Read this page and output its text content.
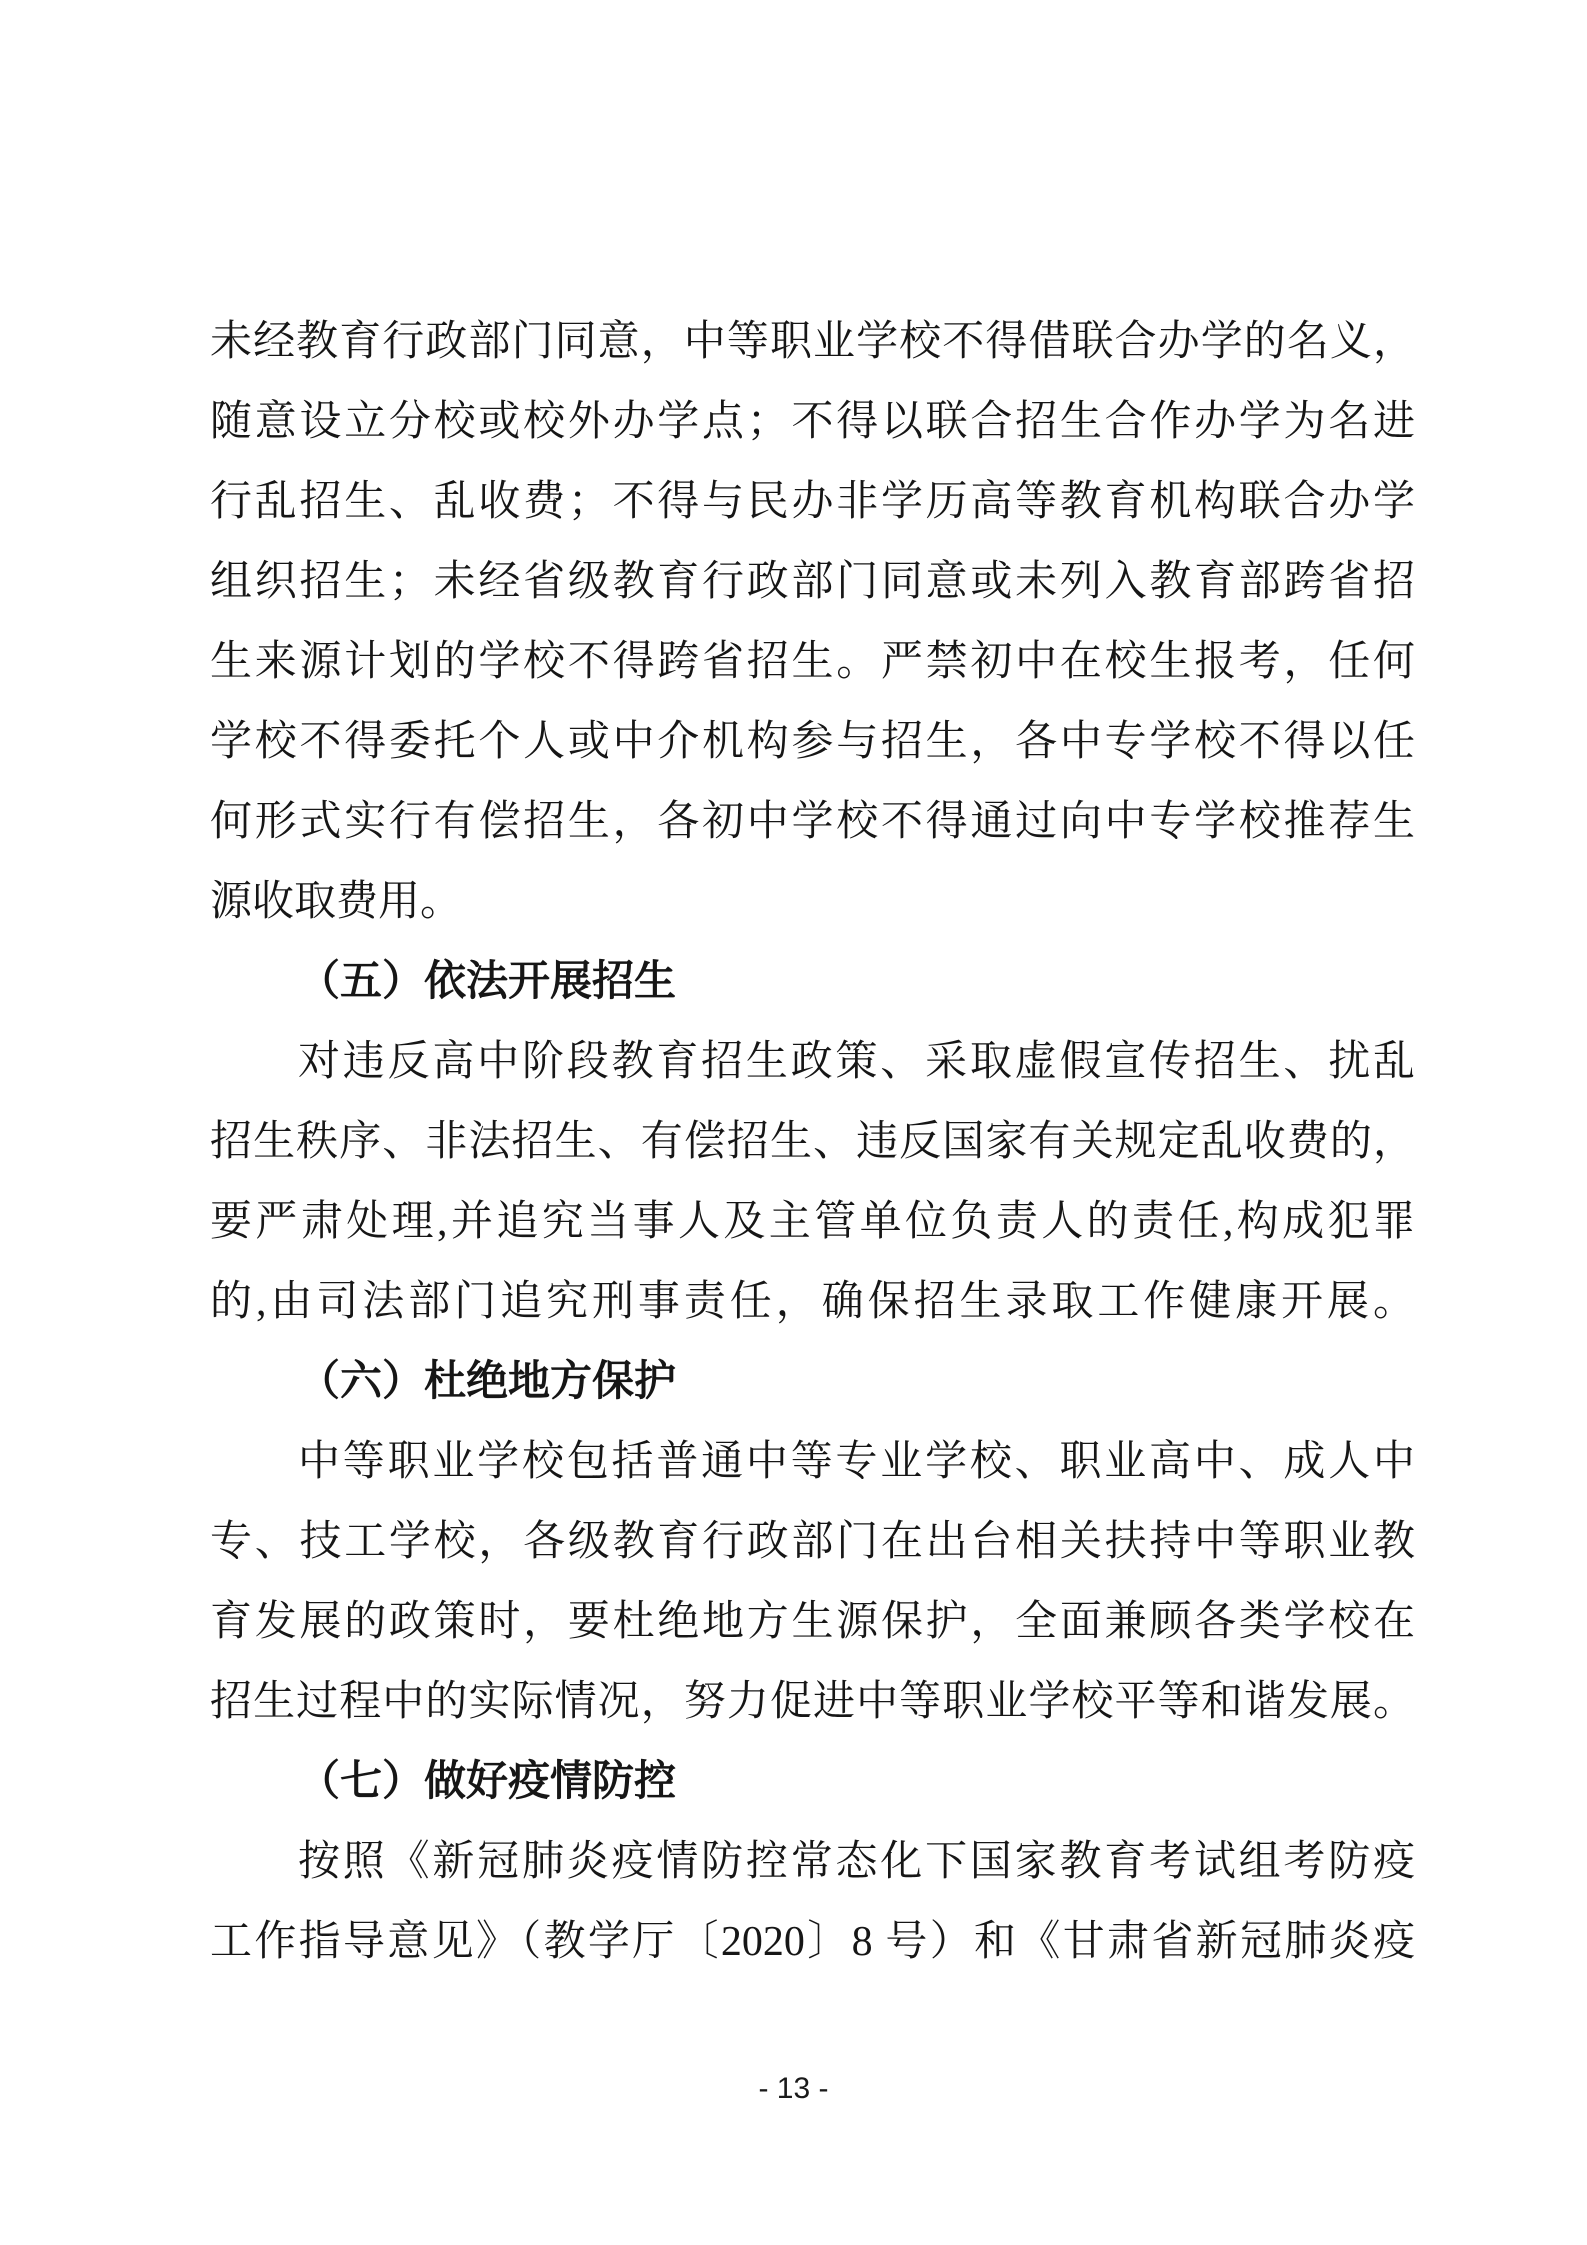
未经教育行政部门同意，中等职业学校不得借联合办学的名义，
随意设立分校或校外办学点；不得以联合招生合作办学为名进
行乱招生、乱收费；不得与民办非学历高等教育机构联合办学
组织招生；未经省级教育行政部门同意或未列入教育部跨省招
生来源计划的学校不得跨省招生。严禁初中在校生报考，任何
学校不得委托个人或中介机构参与招生，各中专学校不得以任
何形式实行有偿招生，各初中学校不得通过向中专学校推荐生
源收取费用。
（五）依法开展招生
对违反高中阶段教育招生政策、采取虚假宣传招生、扰乱
招生秩序、非法招生、有偿招生、违反国家有关规定乱收费的，
要严肃处理,并追究当事人及主管单位负责人的责任,构成犯罪
的,由司法部门追究刑事责任，确保招生录取工作健康开展。
（六）杜绝地方保护
中等职业学校包括普通中等专业学校、职业高中、成人中
专、技工学校，各级教育行政部门在出台相关扶持中等职业教
育发展的政策时，要杜绝地方生源保护，全面兼顾各类学校在
招生过程中的实际情况，努力促进中等职业学校平等和谐发展。
（七）做好疫情防控
按照《新冠肺炎疫情防控常态化下国家教育考试组考防疫
工作指导意见》（教学厅〔2020〕8 号）和《甘肃省新冠肺炎疫
- 13 -
